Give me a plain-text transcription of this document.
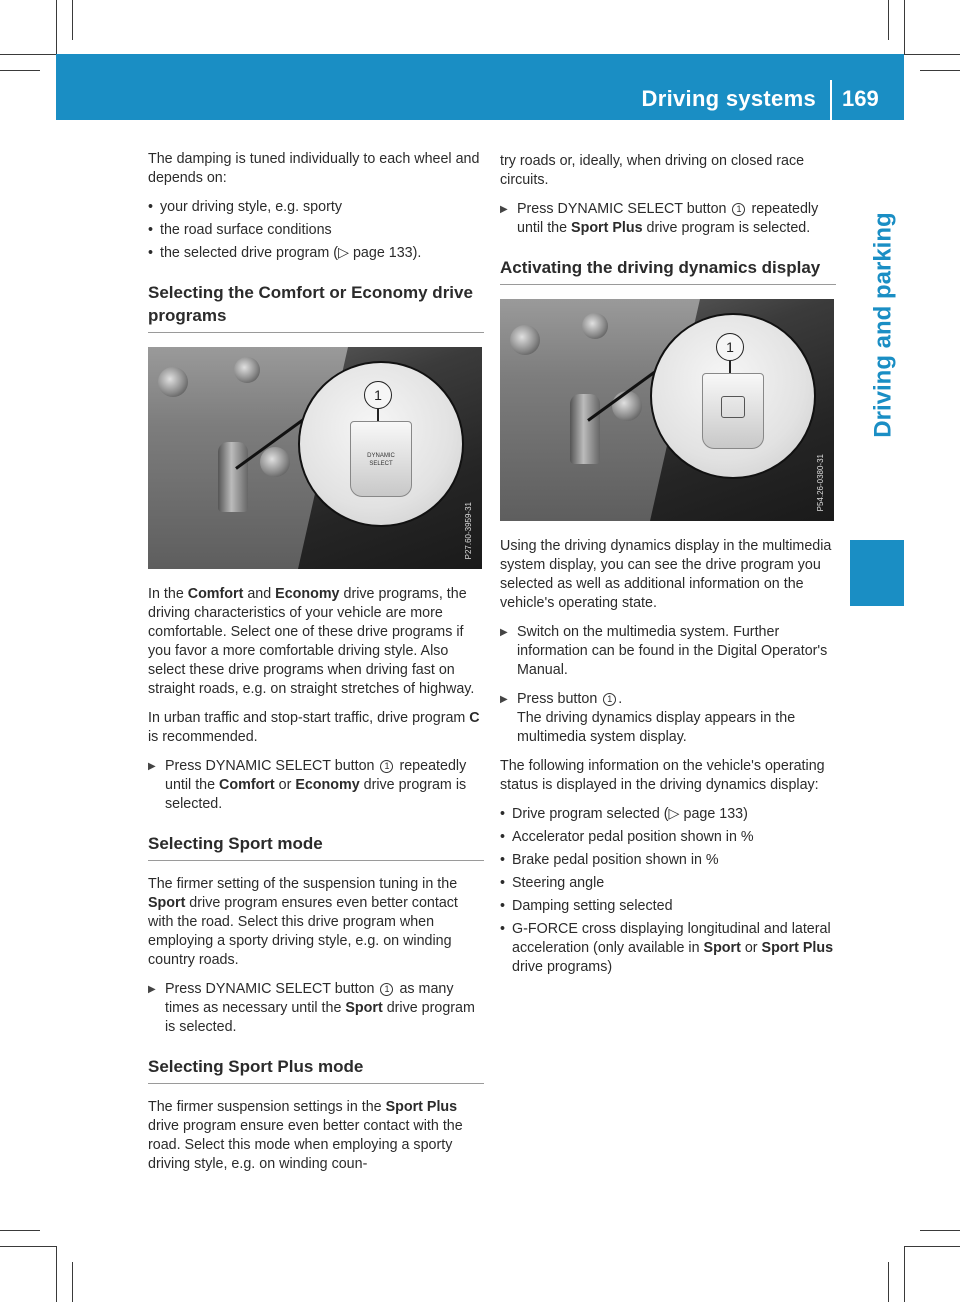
Driving systems 169
Driving and parking

The damping is tuned individually to each wheel and depends on:

• your driving style, e.g. sporty
• the road surface conditions
• the selected drive program (▷ page 133).
Selecting the Comfort or Economy drive programs
1
DYNAMIC
SELECT
P27.60-3959-31

In the Comfort and Economy drive programs, the driving characteristics of your vehicle are more comfortable. Select one of these drive programs if you favor a more comfortable driving style. Also select these drive programs when driving fast on straight roads, e.g. on straight stretches of highway.

In urban traffic and stop-start traffic, drive program C is recommended.

▶ Press DYNAMIC SELECT button 1 repeatedly until the Comfort or Economy drive program is selected.
Selecting Sport mode

The firmer setting of the suspension tuning in the Sport drive program ensures even better contact with the road. Select this drive program when employing a sporty driving style, e.g. on winding country roads.

▶ Press DYNAMIC SELECT button 1 as many times as necessary until the Sport drive program is selected.
Selecting Sport Plus mode

The firmer suspension settings in the Sport Plus drive program ensure even better contact with the road. Select this mode when employing a sporty driving style, e.g. on winding coun-

try roads or, ideally, when driving on closed race circuits.

▶ Press DYNAMIC SELECT button 1 repeatedly until the Sport Plus drive program is selected.
Activating the driving dynamics display
1
P54.26-0380-31

Using the driving dynamics display in the multimedia system display, you can see the drive program you selected as well as additional information on the vehicle's operating state.

▶ Switch on the multimedia system. Further information can be found in the Digital Operator's Manual.
▶ Press button 1 .
The driving dynamics display appears in the multimedia system display.

The following information on the vehicle's operating status is displayed in the driving dynamics display:

• Drive program selected (▷ page 133)
• Accelerator pedal position shown in %
• Brake pedal position shown in %
• Steering angle
• Damping setting selected
• G-FORCE cross displaying longitudinal and lateral acceleration (only available in Sport or Sport Plus drive programs)
